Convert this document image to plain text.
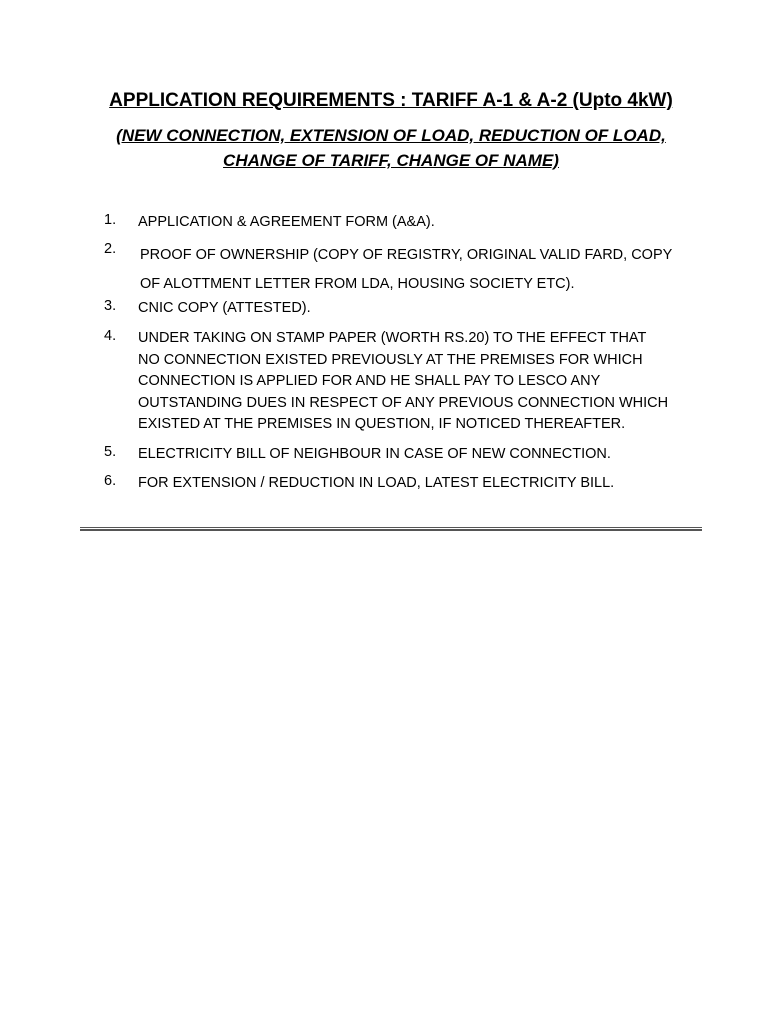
APPLICATION REQUIREMENTS : TARIFF A-1 & A-2 (Upto 4kW)
(NEW CONNECTION, EXTENSION OF LOAD, REDUCTION OF LOAD,
CHANGE OF TARIFF, CHANGE OF NAME)
1. APPLICATION & AGREEMENT FORM (A&A).
2. PROOF OF OWNERSHIP (COPY OF REGISTRY, ORIGINAL VALID FARD, COPY
OF ALOTTMENT LETTER FROM LDA, HOUSING SOCIETY ETC).
3. CNIC COPY (ATTESTED).
4. UNDER TAKING ON STAMP PAPER (WORTH RS.20) TO THE EFFECT THAT
NO CONNECTION EXISTED PREVIOUSLY AT THE PREMISES FOR WHICH
CONNECTION IS APPLIED FOR AND HE SHALL PAY TO LESCO ANY
OUTSTANDING DUES IN RESPECT OF ANY PREVIOUS CONNECTION WHICH
EXISTED AT THE PREMISES IN QUESTION, IF NOTICED THEREAFTER.
5. ELECTRICITY BILL OF NEIGHBOUR IN CASE OF NEW CONNECTION.
6. FOR EXTENSION / REDUCTION IN LOAD, LATEST ELECTRICITY BILL.
